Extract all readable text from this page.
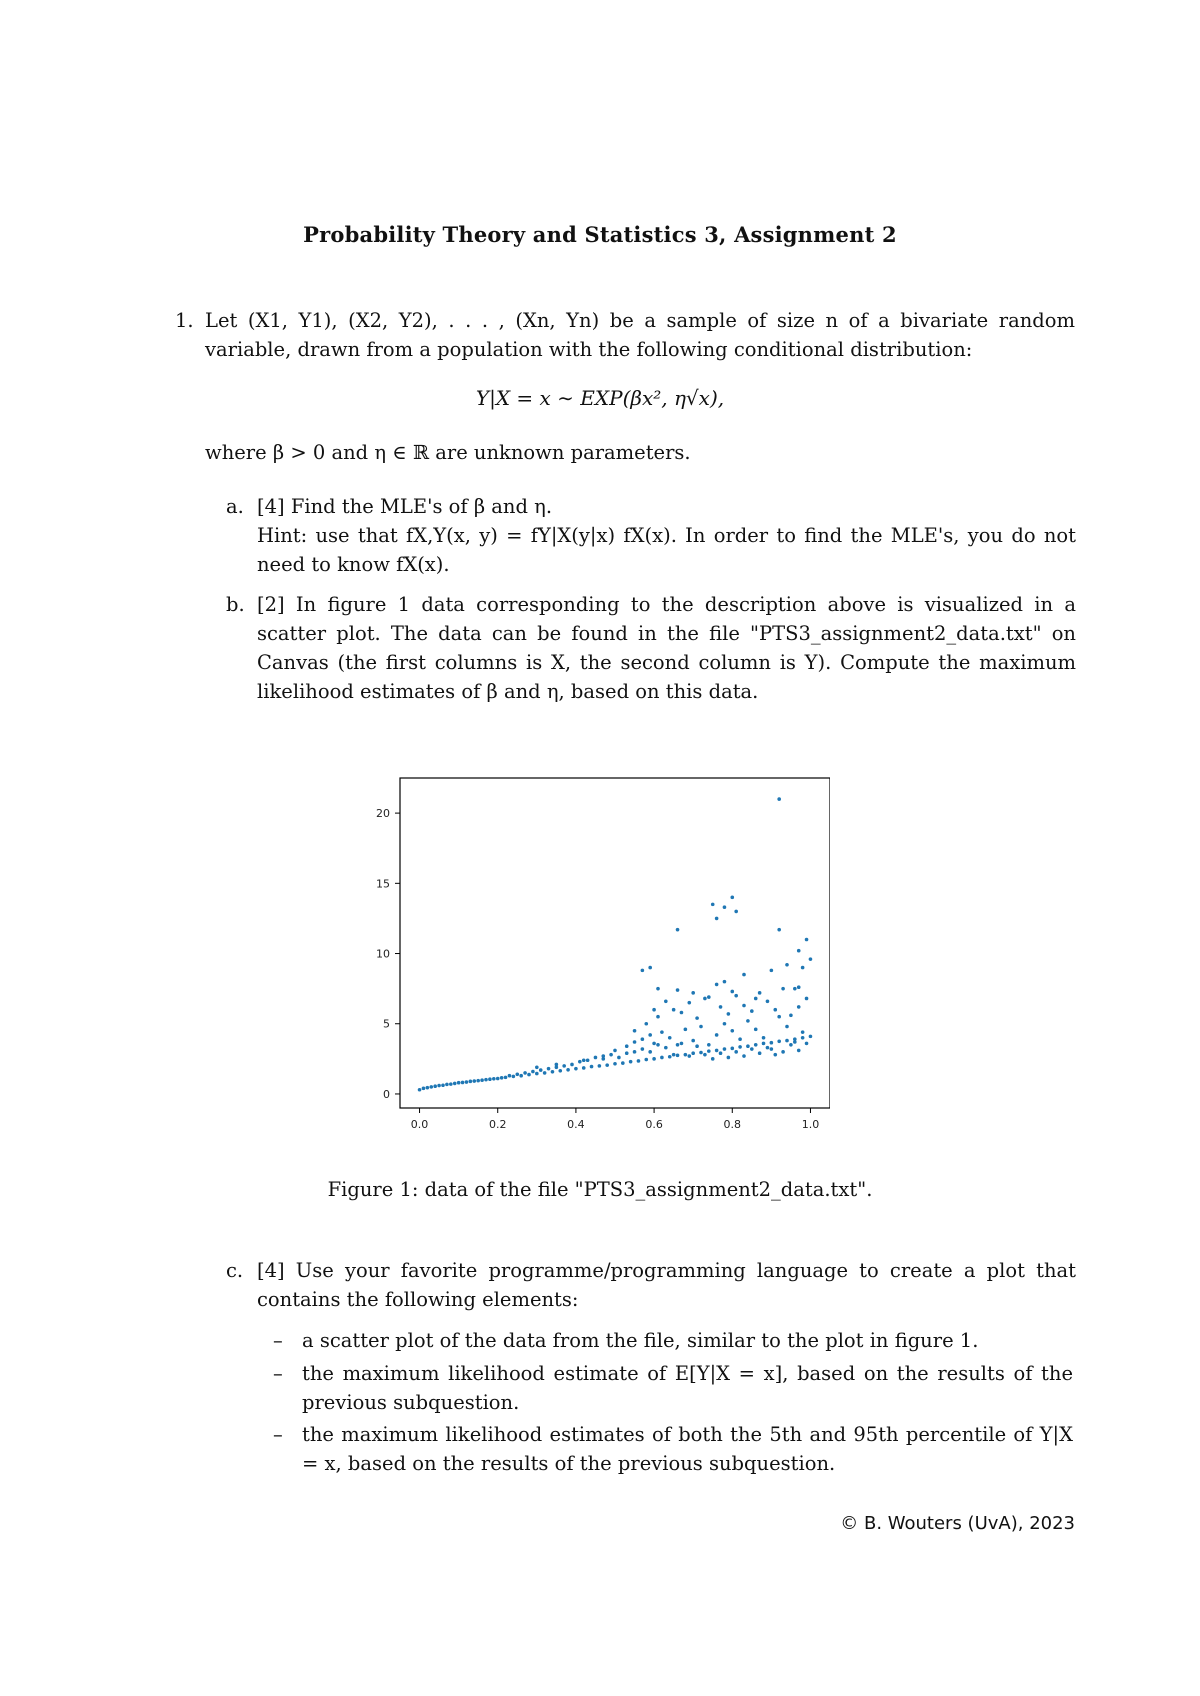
Probability Theory and Statistics 3, Assignment 2
1. Let (X1, Y1), (X2, Y2), . . . , (Xn, Yn) be a sample of size n of a bivariate random variable, drawn from a population with the following conditional distribution:
Y|X = x ∼ EXP(βx², η√x),
where β > 0 and η ∈ ℝ are unknown parameters.
a. [4] Find the MLE's of β and η.
Hint: use that fX,Y(x, y) = fY|X(y|x) fX(x). In order to find the MLE's, you do not need to know fX(x).
b. [2] In figure 1 data corresponding to the description above is visualized in a scatter plot. The data can be found in the file "PTS3_assignment2_data.txt" on Canvas (the first columns is X, the second column is Y). Compute the maximum likelihood estimates of β and η, based on this data.
0.0	0.2	0.4	0.6	0.8	1.0
0
5
10
15
20
Figure 1: data of the file "PTS3_assignment2_data.txt".
c. [4] Use your favorite programme/programming language to create a plot that contains the following elements:
– a scatter plot of the data from the file, similar to the plot in figure 1.
– the maximum likelihood estimate of E[Y|X = x], based on the results of the previous subquestion.
– the maximum likelihood estimates of both the 5th and 95th percentile of Y|X = x, based on the results of the previous subquestion.
© B. Wouters (UvA), 2023
